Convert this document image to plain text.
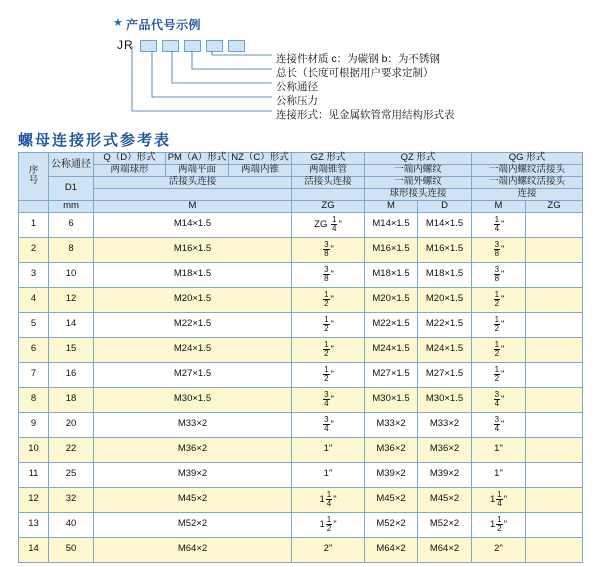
★ 产品代号示例
JR
连接件材质 c：为碳钢 b：为不锈钢
总长（长度可根据用户要求定制）
公称通径
公称压力
连接形式：见金属软管常用结构形式表
螺母连接形式参考表
序
号	公称通径	Q（D）形式	PM（A）形式	NZ（C）形式	GZ 形式	QZ 形式		QG 形式	
		两端球形	两端平面	两端内锥	两端锥管	一端内螺纹		一端内螺纹活接头	
	D1	活接头连接			活接头连接	一端外螺纹		一端内螺纹活接头	
						球形接头连接		连接	
	mm	M			ZG	M	D	M	ZG
1	6	M14×1.5			ZG $\frac{1}{4}$ "	M14×1.5	M14×1.5	$\frac{1}{4}$ "	
2	8	M16×1.5			$\frac{3}{8}$ "	M16×1.5	M16×1.5	$\frac{3}{8}$ "	
3	10	M18×1.5			$\frac{3}{8}$ "	M18×1.5	M18×1.5	$\frac{3}{8}$ "	
4	12	M20×1.5			$\frac{1}{2}$ "	M20×1.5	M20×1.5	$\frac{1}{2}$ "	
5	14	M22×1.5			$\frac{1}{2}$ "	M22×1.5	M22×1.5	$\frac{1}{2}$ "	
6	15	M24×1.5			$\frac{1}{2}$ "	M24×1.5	M24×1.5	$\frac{1}{2}$ "	
7	16	M27×1.5			$\frac{1}{2}$ "	M27×1.5	M27×1.5	$\frac{1}{2}$ "	
8	18	M30×1.5			$\frac{3}{4}$ "	M30×1.5	M30×1.5	$\frac{3}{4}$ "	
9	20	M33×2			$\frac{3}{4}$ "	M33×2	M33×2	$\frac{3}{4}$ "	
10	22	M36×2			1"	M36×2	M36×2	1"	
11	25	M39×2			1"	M39×2	M39×2	1"	
12	32	M45×2			$1 \frac{1}{4}$ "	M45×2	M45×2	$1 \frac{1}{4}$ "	
13	40	M52×2			$1 \frac{1}{2}$ "	M52×2	M52×2	$1 \frac{1}{2}$ "	
14	50	M64×2			2"	M64×2	M64×2	2"	
